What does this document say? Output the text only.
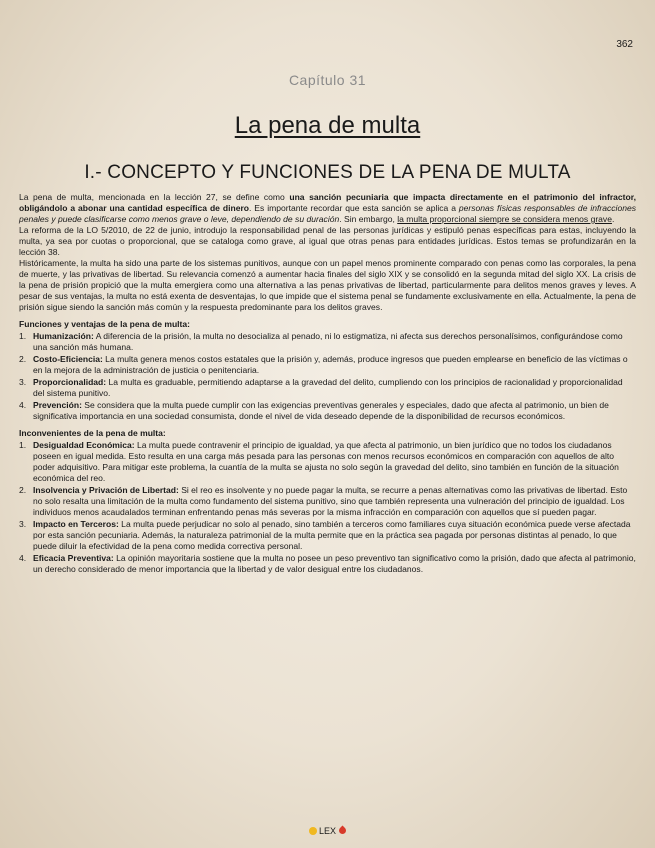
362
Capítulo 31
La pena de multa
I.- CONCEPTO Y FUNCIONES DE LA PENA DE MULTA

La pena de multa, mencionada en la lección 27, se define como una sanción pecuniaria que impacta directamente en el patrimonio del infractor, obligándolo a abonar una cantidad específica de dinero. Es importante recordar que esta sanción se aplica a personas físicas responsables de infracciones penales y puede clasificarse como menos grave o leve, dependiendo de su duración. Sin embargo, la multa proporcional siempre se considera menos grave.

La reforma de la LO 5/2010, de 22 de junio, introdujo la responsabilidad penal de las personas jurídicas y estipuló penas específicas para estas, incluyendo la multa, ya sea por cuotas o proporcional, que se cataloga como grave, al igual que otras penas para entidades jurídicas. Estos temas se profundizarán en la lección 38.

Históricamente, la multa ha sido una parte de los sistemas punitivos, aunque con un papel menos prominente comparado con penas como las corporales, la pena de muerte, y las privativas de libertad. Su relevancia comenzó a aumentar hacia finales del siglo XIX y se consolidó en la segunda mitad del siglo XX. La crisis de la pena de prisión propició que la multa emergiera como una alternativa a las penas privativas de libertad, particularmente para delitos menos graves y leves. A pesar de sus ventajas, la multa no está exenta de desventajas, lo que impide que el sistema penal se fundamente exclusivamente en ella. Actualmente, la pena de prisión sigue siendo la sanción más común y la respuesta predominante para los delitos graves.

Funciones y ventajas de la pena de multa:

1. Humanización: A diferencia de la prisión, la multa no desocializa al penado, ni lo estigmatiza, ni afecta sus derechos personalísimos, configurándose como una sanción más humana.
2. Costo-Eficiencia: La multa genera menos costos estatales que la prisión y, además, produce ingresos que pueden emplearse en beneficio de las víctimas o en la mejora de la administración de justicia o penitenciaria.
3. Proporcionalidad: La multa es graduable, permitiendo adaptarse a la gravedad del delito, cumpliendo con los principios de racionalidad y proporcionalidad del sistema punitivo.
4. Prevención: Se considera que la multa puede cumplir con las exigencias preventivas generales y especiales, dado que afecta al patrimonio, un bien de significativa importancia en una sociedad consumista, donde el nivel de vida deseado depende de la disponibilidad de recursos económicos.

Inconvenientes de la pena de multa:

1. Desigualdad Económica: La multa puede contravenir el principio de igualdad, ya que afecta al patrimonio, un bien jurídico que no todos los ciudadanos poseen en igual medida. Esto resulta en una carga más pesada para las personas con menos recursos económicos en comparación con aquellos de alto poder adquisitivo. Para mitigar este problema, la cuantía de la multa se ajusta no solo según la gravedad del delito, sino también en función de la situación económica del reo.
2. Insolvencia y Privación de Libertad: Si el reo es insolvente y no puede pagar la multa, se recurre a penas alternativas como las privativas de libertad. Esto no solo resalta una limitación de la multa como fundamento del sistema punitivo, sino que también representa una vulneración del principio de igualdad. Los individuos menos acaudalados terminan enfrentando penas más severas por la misma infracción en comparación con aquellos que sí pueden pagar.
3. Impacto en Terceros: La multa puede perjudicar no solo al penado, sino también a terceros como familiares cuya situación económica puede verse afectada por esta sanción pecuniaria. Además, la naturaleza patrimonial de la multa permite que en la práctica sea pagada por personas distintas al penado, lo que puede diluir la efectividad de la pena como medida correctiva personal.
4. Eficacia Preventiva: La opinión mayoritaria sostiene que la multa no posee un peso preventivo tan significativo como la prisión, dado que afecta al patrimonio, un derecho considerado de menor importancia que la libertad y de valor desigual entre los ciudadanos.
LEX
